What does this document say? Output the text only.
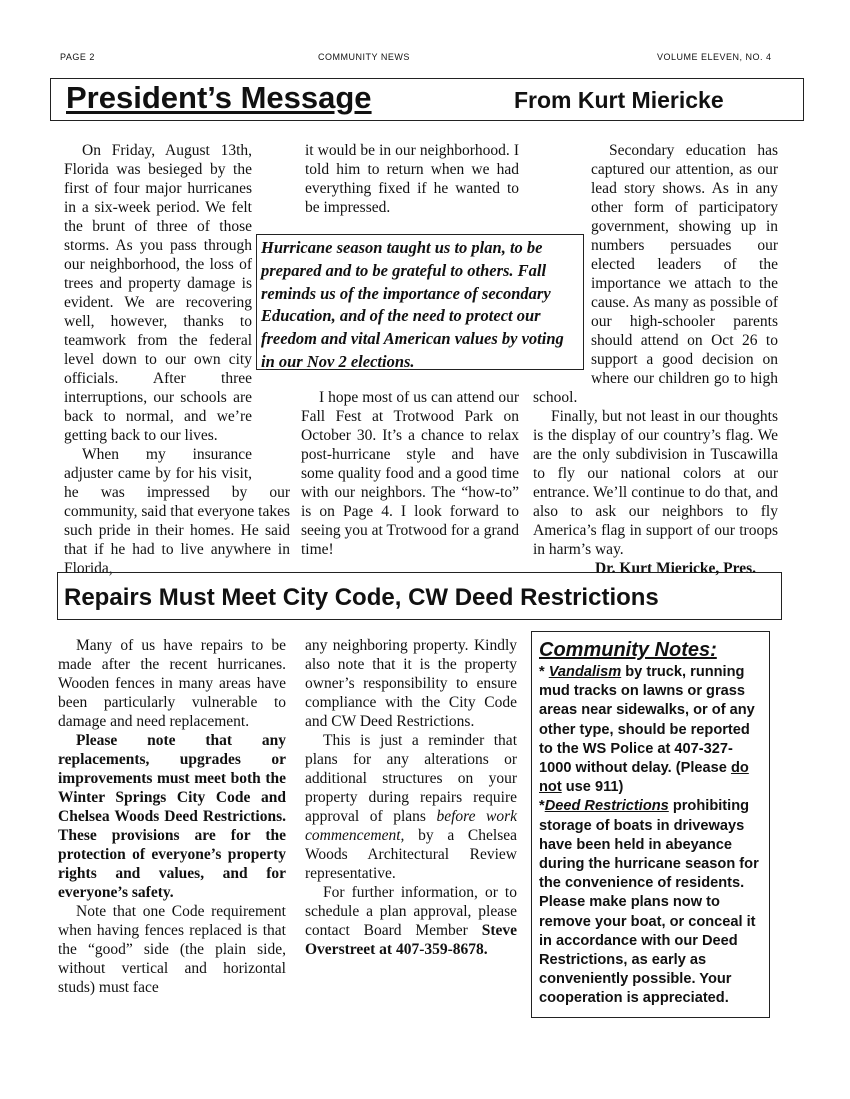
PAGE 2	COMMUNITY NEWS	VOLUME ELEVEN, NO. 4
President’s Message	From Kurt Miericke

On Friday, August 13th, Florida was besieged by the first of four major hurricanes in a six-week period. We felt the brunt of three of those storms. As you pass through our neighborhood, the loss of trees and property damage is evident. We are recovering well, however, thanks to teamwork from the federal level down to our own city officials. After three interruptions, our schools are back to normal, and we’re getting back to our lives.

When my insurance adjuster came by for his visit, he was impressed by our community, said that everyone takes such pride in their homes. He said that if he had to live anywhere in Florida,

it would be in our neighborhood. I told him to return when we had everything fixed if he wanted to be impressed.

I hope most of us can attend our Fall Fest at Trotwood Park on October 30. It’s a chance to relax post-hurricane style and have some quality food and a good time with our neighbors. The “how-to” is on Page 4. I look forward to seeing you at Trotwood for a grand time!

Secondary education has captured our attention, as our lead story shows. As in any other form of participatory government, showing up in numbers persuades our elected leaders of the importance we attach to the cause. As many as possible of our high-schooler parents should attend on Oct 26 to support a good decision on where our children go to high school.

Finally, but not least in our thoughts is the display of our country’s flag. We are the only subdivision in Tuscawilla to fly our national colors at our entrance. We’ll continue to do that, and also to ask our neighbors to fly America’s flag in support of our troops in harm’s way.

Dr. Kurt Miericke, Pres.

Hurricane season taught us to plan, to be prepared and to be grateful to others. Fall reminds us of the importance of secondary Education, and of the need to protect our freedom and vital American values by voting in our Nov 2 elections.
Repairs Must Meet City Code, CW Deed Restrictions

Many of us have repairs to be made after the recent hurricanes. Wooden fences in many areas have been particularly vulnerable to damage and need replacement.

Please note that any replacements, upgrades or improvements must meet both the Winter Springs City Code and Chelsea Woods Deed Restrictions. These provisions are for the protection of everyone’s property rights and values, and for everyone’s safety.

Note that one Code requirement when having fences replaced is that the “good” side (the plain side, without vertical and horizontal studs) must face

any neighboring property. Kindly also note that it is the property owner’s responsibility to ensure compliance with the City Code and CW Deed Restrictions.

This is just a reminder that plans for any alterations or additional structures on your property during repairs require approval of plans before work commencement, by a Chelsea Woods Architectural Review representative.

For further information, or to schedule a plan approval, please contact Board Member Steve Overstreet at 407-359-8678.

Community Notes:

* Vandalism by truck, running mud tracks on lawns or grass areas near sidewalks, or of any other type, should be reported to the WS Police at 407-327-1000 without delay. (Please do not use 911)

*Deed Restrictions prohibiting storage of boats in driveways have been held in abeyance during the hurricane season for the convenience of residents. Please make plans now to remove your boat, or conceal it in accordance with our Deed Restrictions, as early as conveniently possible. Your cooperation is appreciated.
